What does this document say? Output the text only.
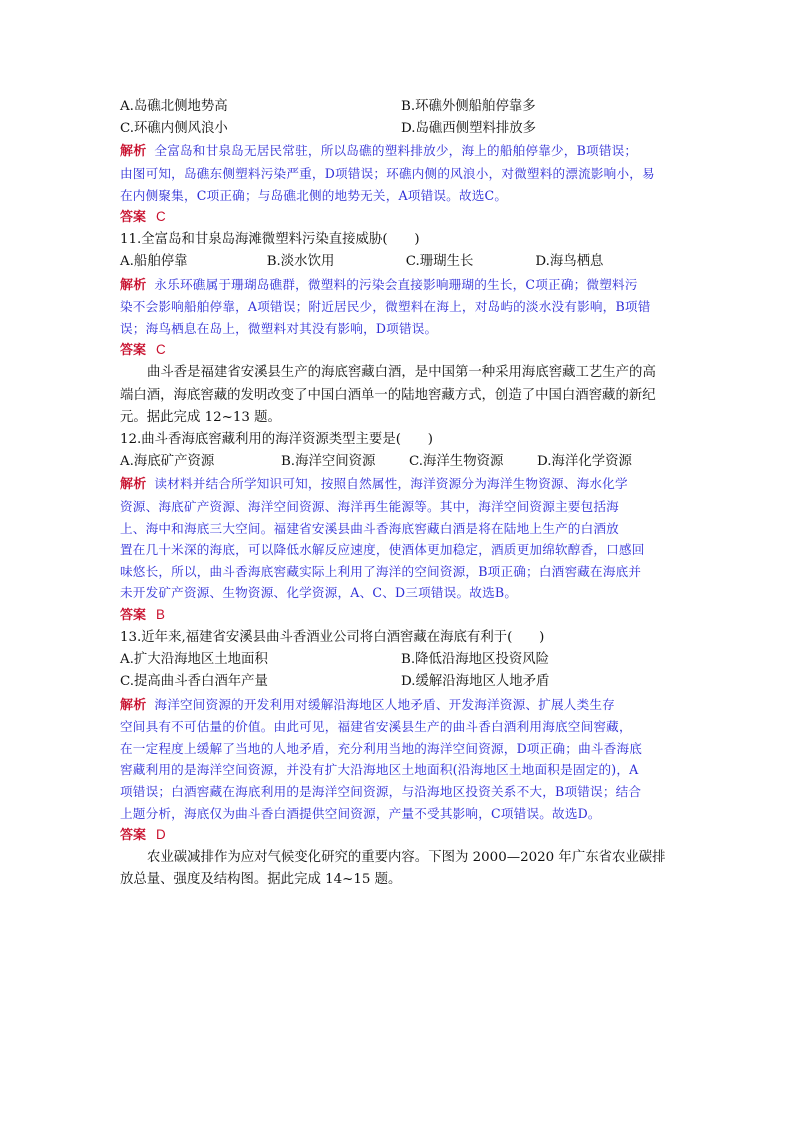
A.岛礁北侧地势高	B.环礁外侧船舶停靠多
C.环礁内侧风浪小	D.岛礁西侧塑料排放多
解析 全富岛和甘泉岛无居民常驻，所以岛礁的塑料排放少，海上的船舶停靠少，B项错误；
由图可知，岛礁东侧塑料污染严重，D项错误；环礁内侧的风浪小，对微塑料的漂流影响小，易
在内侧聚集，C项正确；与岛礁北侧的地势无关，A项错误。故选C。
答案 C
11.全富岛和甘泉岛海滩微塑料污染直接威胁(　　)
A.船舶停靠	B.淡水饮用	C.珊瑚生长	D.海鸟栖息
解析 永乐环礁属于珊瑚岛礁群，微塑料的污染会直接影响珊瑚的生长，C项正确；微塑料污
染不会影响船舶停靠，A项错误；附近居民少，微塑料在海上，对岛屿的淡水没有影响，B项错
误；海鸟栖息在岛上，微塑料对其没有影响，D项错误。
答案 C
曲斗香是福建省安溪县生产的海底窖藏白酒，是中国第一种采用海底窖藏工艺生产的高
端白酒，海底窖藏的发明改变了中国白酒单一的陆地窖藏方式，创造了中国白酒窖藏的新纪
元。据此完成 12~13 题。
12.曲斗香海底窖藏利用的海洋资源类型主要是(　　)
A.海底矿产资源	B.海洋空间资源	C.海洋生物资源	D.海洋化学资源
解析 读材料并结合所学知识可知，按照自然属性，海洋资源分为海洋生物资源、海水化学
资源、海底矿产资源、海洋空间资源、海洋再生能源等。其中，海洋空间资源主要包括海
上、海中和海底三大空间。福建省安溪县曲斗香海底窖藏白酒是将在陆地上生产的白酒放
置在几十米深的海底，可以降低水解反应速度，使酒体更加稳定，酒质更加绵软醇香，口感回
味悠长，所以，曲斗香海底窖藏实际上利用了海洋的空间资源，B项正确；白酒窖藏在海底并
未开发矿产资源、生物资源、化学资源，A、C、D三项错误。故选B。
答案 B
13.近年来,福建省安溪县曲斗香酒业公司将白酒窖藏在海底有利于(　　)
A.扩大沿海地区土地面积	B.降低沿海地区投资风险
C.提高曲斗香白酒年产量	D.缓解沿海地区人地矛盾
解析 海洋空间资源的开发利用对缓解沿海地区人地矛盾、开发海洋资源、扩展人类生存
空间具有不可估量的价值。由此可见，福建省安溪县生产的曲斗香白酒利用海底空间窖藏，
在一定程度上缓解了当地的人地矛盾，充分利用当地的海洋空间资源，D项正确；曲斗香海底
窖藏利用的是海洋空间资源，并没有扩大沿海地区土地面积(沿海地区土地面积是固定的)，A
项错误；白酒窖藏在海底利用的是海洋空间资源，与沿海地区投资关系不大，B项错误；结合
上题分析，海底仅为曲斗香白酒提供空间资源，产量不受其影响，C项错误。故选D。
答案 D
农业碳减排作为应对气候变化研究的重要内容。下图为 2000—2020 年广东省农业碳排
放总量、强度及结构图。据此完成 14~15 题。
